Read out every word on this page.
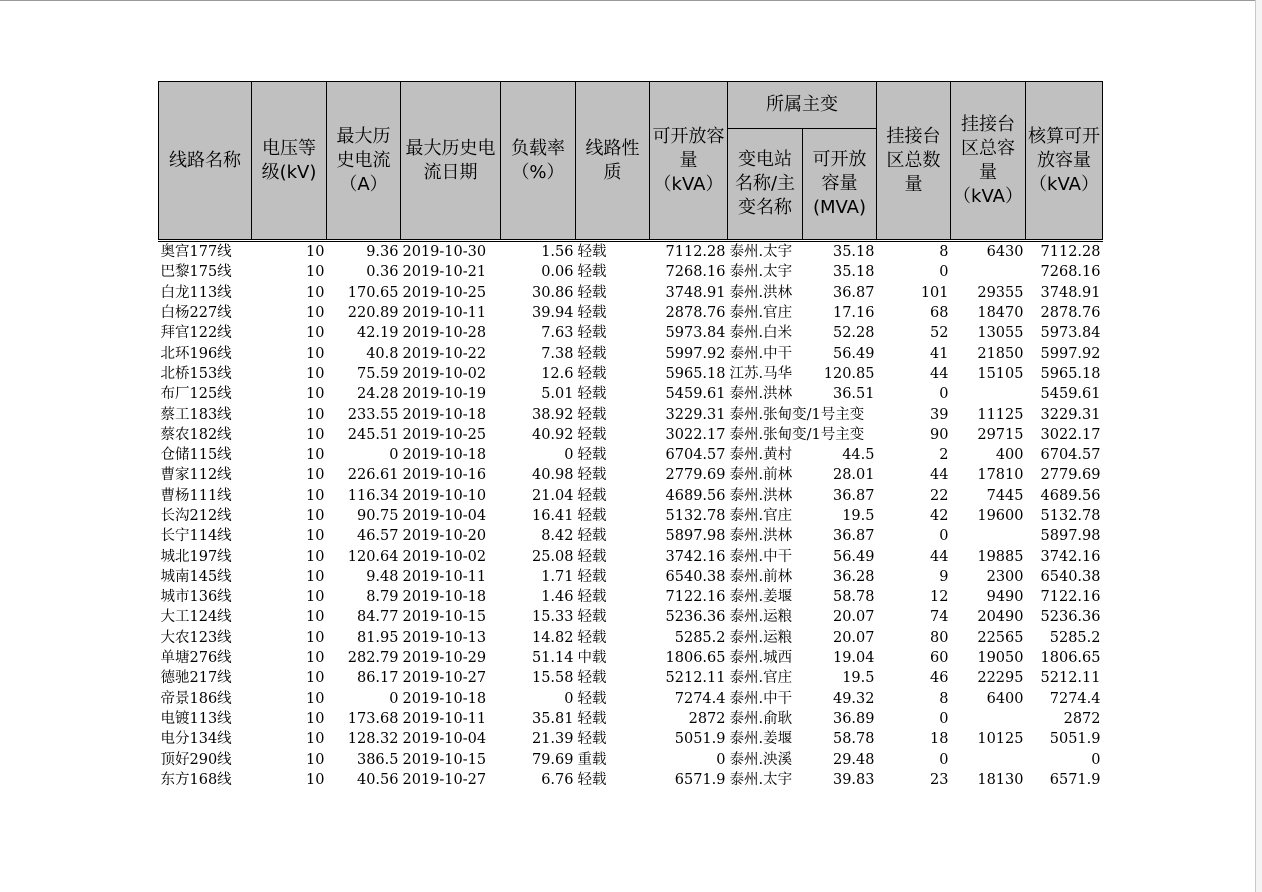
线路名称	电压等级(kV)	最大历史电流（A）	最大历史电流日期	负载率（%）	线路性质	可开放容量（kVA）	所属主变		挂接台区总数量	挂接台区总容量（kVA）	核算可开放容量（kVA）
							变电站名称/主变名称	可开放容量(MVA)			
奥宫177线	10	9.36	2019-10-30	1.56	轻载	7112.28	泰州.太宇	35.18	8	6430	7112.28
巴黎175线	10	0.36	2019-10-21	0.06	轻载	7268.16	泰州.太宇	35.18	0		7268.16
白龙113线	10	170.65	2019-10-25	30.86	轻载	3748.91	泰州.洪林	36.87	101	29355	3748.91
白杨227线	10	220.89	2019-10-11	39.94	轻载	2878.76	泰州.官庄	17.16	68	18470	2878.76
拜官122线	10	42.19	2019-10-28	7.63	轻载	5973.84	泰州.白米	52.28	52	13055	5973.84
北环196线	10	40.8	2019-10-22	7.38	轻载	5997.92	泰州.中干	56.49	41	21850	5997.92
北桥153线	10	75.59	2019-10-02	12.6	轻载	5965.18	江苏.马华	120.85	44	15105	5965.18
布厂125线	10	24.28	2019-10-19	5.01	轻载	5459.61	泰州.洪林	36.51	0		5459.61
蔡工183线	10	233.55	2019-10-18	38.92	轻载	3229.31	泰州.张甸变/1号主变		39	11125	3229.31
蔡农182线	10	245.51	2019-10-25	40.92	轻载	3022.17	泰州.张甸变/1号主变		90	29715	3022.17
仓储115线	10	0	2019-10-18	0	轻载	6704.57	泰州.黄村	44.5	2	400	6704.57
曹家112线	10	226.61	2019-10-16	40.98	轻载	2779.69	泰州.前林	28.01	44	17810	2779.69
曹杨111线	10	116.34	2019-10-10	21.04	轻载	4689.56	泰州.洪林	36.87	22	7445	4689.56
长沟212线	10	90.75	2019-10-04	16.41	轻载	5132.78	泰州.官庄	19.5	42	19600	5132.78
长宁114线	10	46.57	2019-10-20	8.42	轻载	5897.98	泰州.洪林	36.87	0		5897.98
城北197线	10	120.64	2019-10-02	25.08	轻载	3742.16	泰州.中干	56.49	44	19885	3742.16
城南145线	10	9.48	2019-10-11	1.71	轻载	6540.38	泰州.前林	36.28	9	2300	6540.38
城市136线	10	8.79	2019-10-18	1.46	轻载	7122.16	泰州.姜堰	58.78	12	9490	7122.16
大工124线	10	84.77	2019-10-15	15.33	轻载	5236.36	泰州.运粮	20.07	74	20490	5236.36
大农123线	10	81.95	2019-10-13	14.82	轻载	5285.2	泰州.运粮	20.07	80	22565	5285.2
单塘276线	10	282.79	2019-10-29	51.14	中载	1806.65	泰州.城西	19.04	60	19050	1806.65
德驰217线	10	86.17	2019-10-27	15.58	轻载	5212.11	泰州.官庄	19.5	46	22295	5212.11
帝景186线	10	0	2019-10-18	0	轻载	7274.4	泰州.中干	49.32	8	6400	7274.4
电镀113线	10	173.68	2019-10-11	35.81	轻载	2872	泰州.俞耿	36.89	0		2872
电分134线	10	128.32	2019-10-04	21.39	轻载	5051.9	泰州.姜堰	58.78	18	10125	5051.9
顶好290线	10	386.5	2019-10-15	79.69	重载	0	泰州.泱溪	29.48	0		0
东方168线	10	40.56	2019-10-27	6.76	轻载	6571.9	泰州.太宇	39.83	23	18130	6571.9
